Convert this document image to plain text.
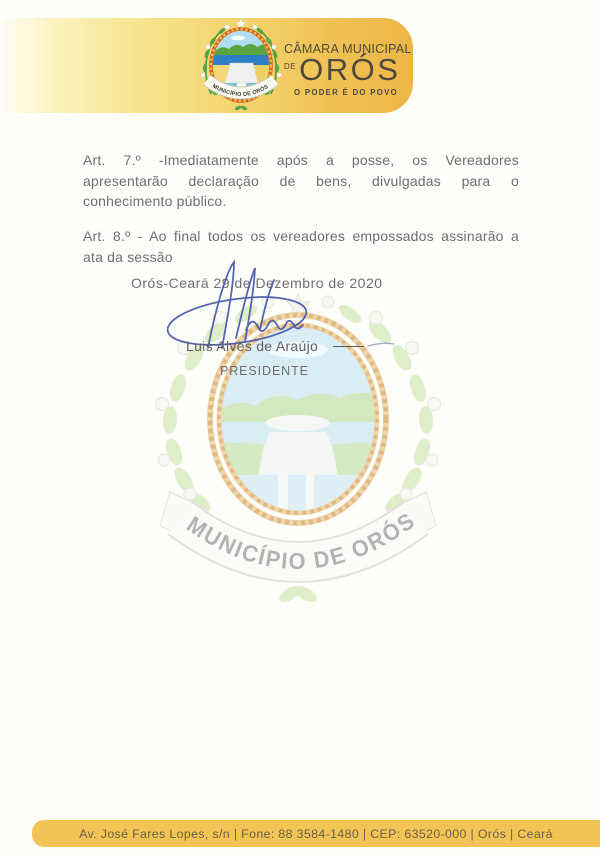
MUNICÍPIO DE ORÓS
MUNICÍPIO DE ORÓS
CÂMARA MUNICIPAL
DE ORÓS
O PODER É DO POVO
Art. 7.º -Imediatamente após a posse, os Vereadores
apresentarão declaração de bens, divulgadas para o
conhecimento público.
Art. 8.º - Ao final todos os vereadores empossados assinarão a
ata da sessão
Orós-Ceará 29 de Dezembro de 2020
Luis Alves de Araújo
PRESIDENTE
Av. José Fares Lopes, s/n | Fone: 88 3584-1480 | CEP: 63520-000 | Orós | Ceará
